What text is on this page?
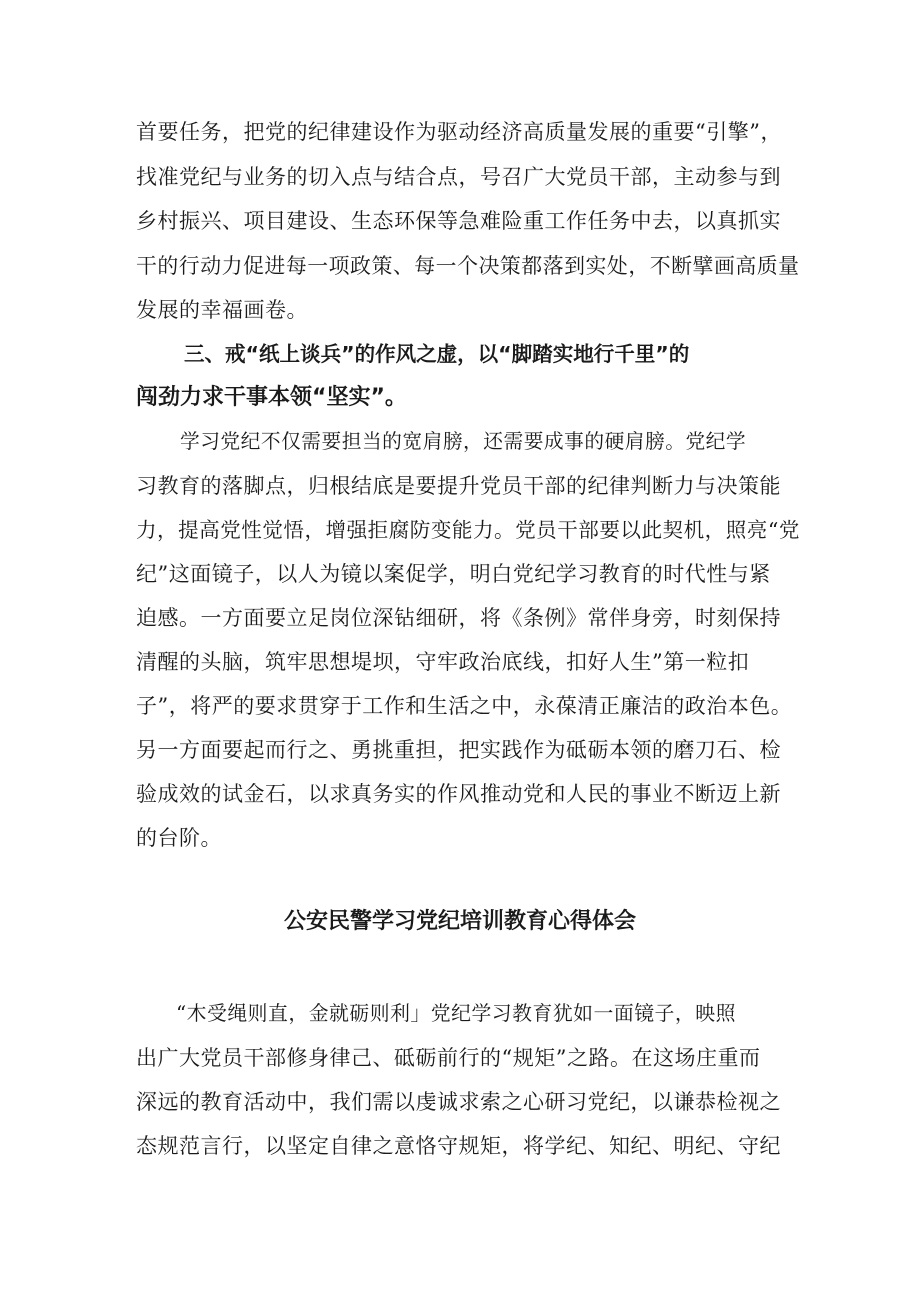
首要任务，把党的纪律建设作为驱动经济高质量发展的重要“引擎”，
找准党纪与业务的切入点与结合点，号召广大党员干部，主动参与到
乡村振兴、项目建设、生态环保等急难险重工作任务中去，以真抓实
干的行动力促进每一项政策、每一个决策都落到实处，不断擘画高质量
发展的幸福画卷。
三、戒“纸上谈兵”的作风之虚，以“脚踏实地行千里”的
闯劲力求干事本领“坚实”。
学习党纪不仅需要担当的宽肩膀，还需要成事的硬肩膀。党纪学
习教育的落脚点，归根结底是要提升党员干部的纪律判断力与决策能
力，提高党性觉悟，增强拒腐防变能力。党员干部要以此契机，照亮“党
纪”这面镜子，以人为镜以案促学，明白党纪学习教育的时代性与紧
迫感。一方面要立足岗位深钻细研，将《条例》常伴身旁，时刻保持
清醒的头脑，筑牢思想堤坝，守牢政治底线，扣好人生”第一粒扣
子”，将严的要求贯穿于工作和生活之中，永葆清正廉洁的政治本色。
另一方面要起而行之、勇挑重担，把实践作为砥砺本领的磨刀石、检
验成效的试金石，以求真务实的作风推动党和人民的事业不断迈上新
的台阶。
公安民警学习党纪培训教育心得体会
“木受绳则直，金就砺则利」党纪学习教育犹如一面镜子，映照
出广大党员干部修身律己、砥砺前行的“规矩”之路。在这场庄重而
深远的教育活动中，我们需以虔诚求索之心研习党纪，以谦恭检视之
态规范言行，以坚定自律之意恪守规矩，将学纪、知纪、明纪、守纪
